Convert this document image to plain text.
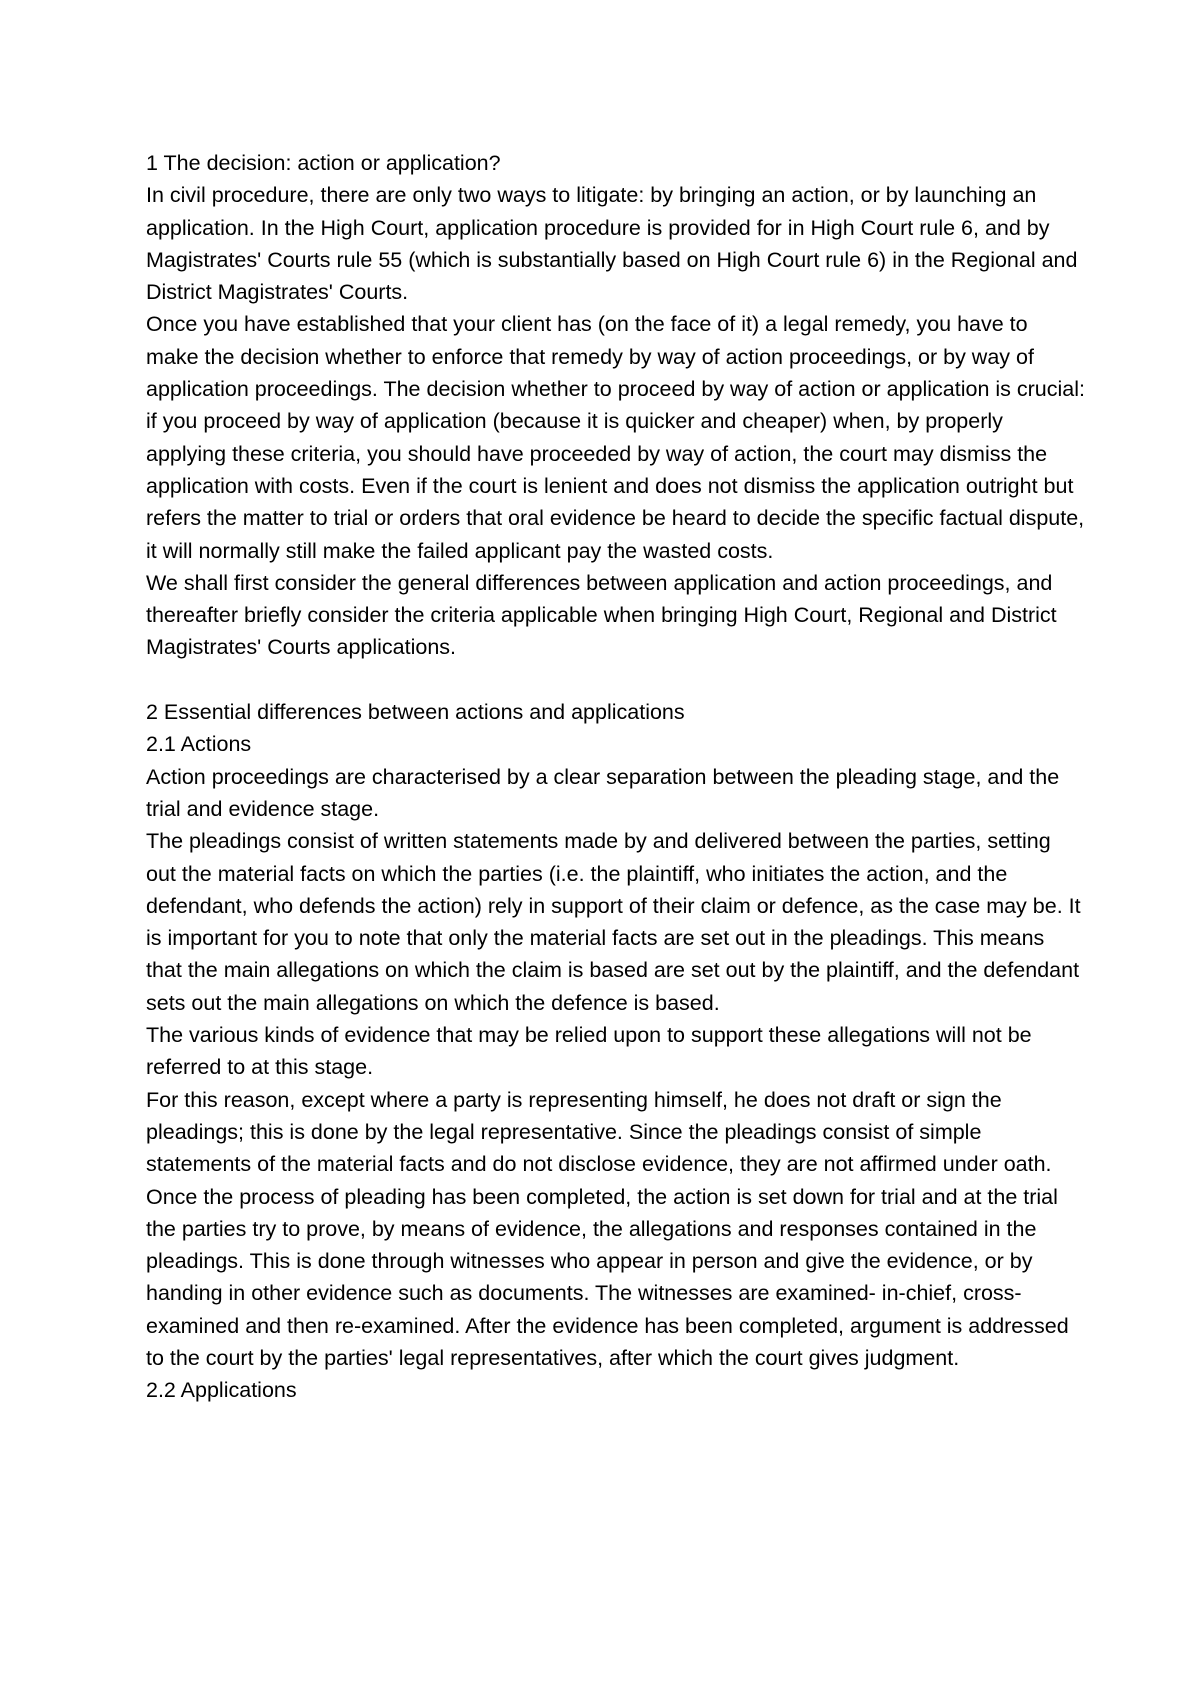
1 The decision: action or application?

In civil procedure, there are only two ways to litigate: by bringing an action, or by launching an application. In the High Court, application procedure is provided for in High Court rule 6, and by Magistrates' Courts rule 55 (which is substantially based on High Court rule 6) in the Regional and District Magistrates' Courts.

Once you have established that your client has (on the face of it) a legal remedy, you have to make the decision whether to enforce that remedy by way of action proceedings, or by way of application proceedings. The decision whether to proceed by way of action or application is crucial: if you proceed by way of application (because it is quicker and cheaper) when, by properly applying these criteria, you should have proceeded by way of action, the court may dismiss the application with costs. Even if the court is lenient and does not dismiss the application outright but refers the matter to trial or orders that oral evidence be heard to decide the specific factual dispute, it will normally still make the failed applicant pay the wasted costs.

We shall first consider the general differences between application and action proceedings, and thereafter briefly consider the criteria applicable when bringing High Court, Regional and District Magistrates' Courts applications.

2 Essential differences between actions and applications

2.1 Actions

Action proceedings are characterised by a clear separation between the pleading stage, and the trial and evidence stage.

The pleadings consist of written statements made by and delivered between the parties, setting out the material facts on which the parties (i.e. the plaintiff, who initiates the action, and the defendant, who defends the action) rely in support of their claim or defence, as the case may be. It is important for you to note that only the material facts are set out in the pleadings. This means that the main allegations on which the claim is based are set out by the plaintiff, and the defendant sets out the main allegations on which the defence is based.

The various kinds of evidence that may be relied upon to support these allegations will not be referred to at this stage.

For this reason, except where a party is representing himself, he does not draft or sign the pleadings; this is done by the legal representative. Since the pleadings consist of simple statements of the material facts and do not disclose evidence, they are not affirmed under oath.

Once the process of pleading has been completed, the action is set down for trial and at the trial the parties try to prove, by means of evidence, the allegations and responses contained in the pleadings. This is done through witnesses who appear in person and give the evidence, or by handing in other evidence such as documents. The witnesses are examined- in-chief, cross-examined and then re-examined. After the evidence has been completed, argument is addressed to the court by the parties' legal representatives, after which the court gives judgment.

2.2 Applications
